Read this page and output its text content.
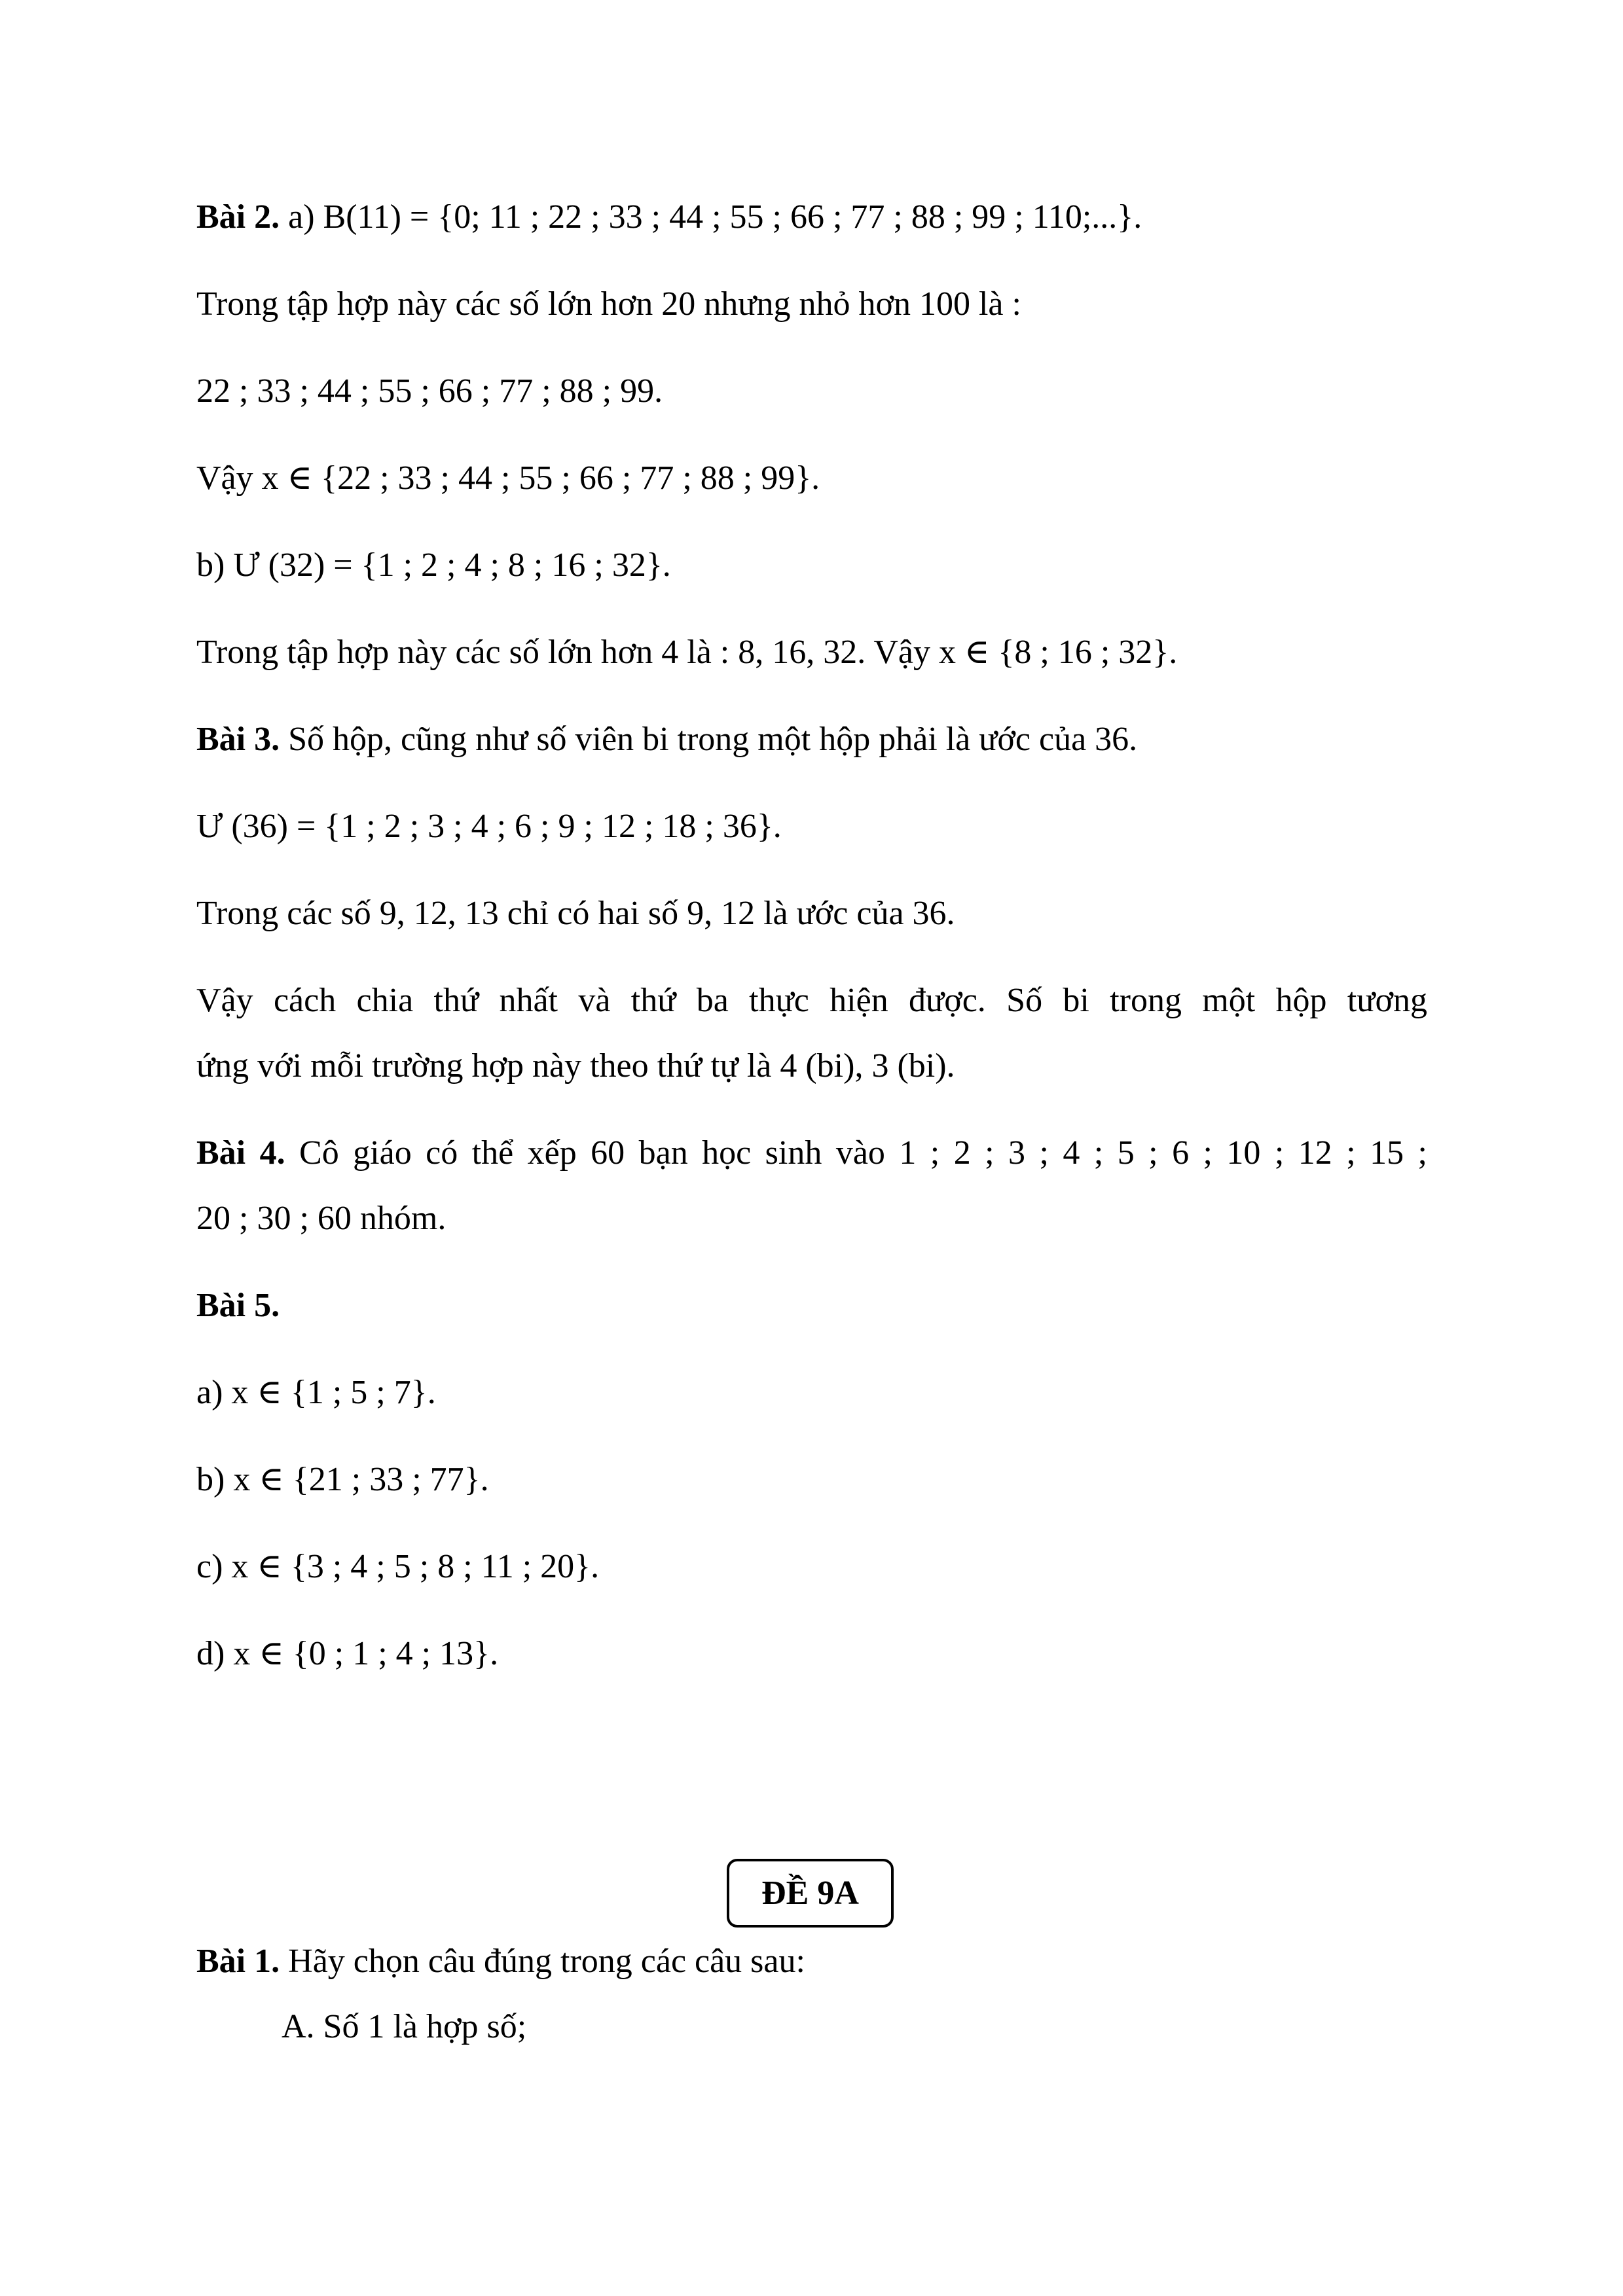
Bài 2. a) B(11) = {0; 11 ; 22 ; 33 ; 44 ; 55 ; 66 ; 77 ; 88 ; 99 ; 110;...}.
Trong tập hợp này các số lớn hơn 20 nhưng nhỏ hơn 100 là :
22 ; 33 ; 44 ; 55 ; 66 ; 77 ; 88 ; 99.
Vậy x ∈ {22 ; 33 ; 44 ; 55 ; 66 ; 77 ; 88 ; 99}.
b) Ư (32) = {1 ; 2 ; 4 ; 8 ; 16 ; 32}.
Trong tập hợp này các số lớn hơn 4 là : 8, 16, 32. Vậy x ∈ {8 ; 16 ; 32}.
Bài 3. Số hộp, cũng như số viên bi trong một hộp phải là ước của 36.
Ư (36) = {1 ; 2 ; 3 ; 4 ; 6 ; 9 ; 12 ; 18 ; 36}.
Trong các số 9, 12, 13 chỉ có hai số 9, 12 là ước của 36.
Vậy cách chia thứ nhất và thứ ba thực hiện được. Số bi trong một hộp tương
ứng với mỗi trường hợp này theo thứ tự là 4 (bi), 3 (bi).
Bài 4. Cô giáo có thể xếp 60 bạn học sinh vào 1 ; 2 ; 3 ; 4 ; 5 ; 6 ; 10 ; 12 ; 15 ;
20 ; 30 ; 60 nhóm.
Bài 5.
a) x ∈ {1 ; 5 ; 7}.
b) x ∈ {21 ; 33 ; 77}.
c) x ∈ {3 ; 4 ; 5 ; 8 ; 11 ; 20}.
d) x ∈ {0 ; 1 ; 4 ; 13}.
ĐỀ 9A
Bài 1. Hãy chọn câu đúng trong các câu sau:
A. Số 1 là hợp số;
